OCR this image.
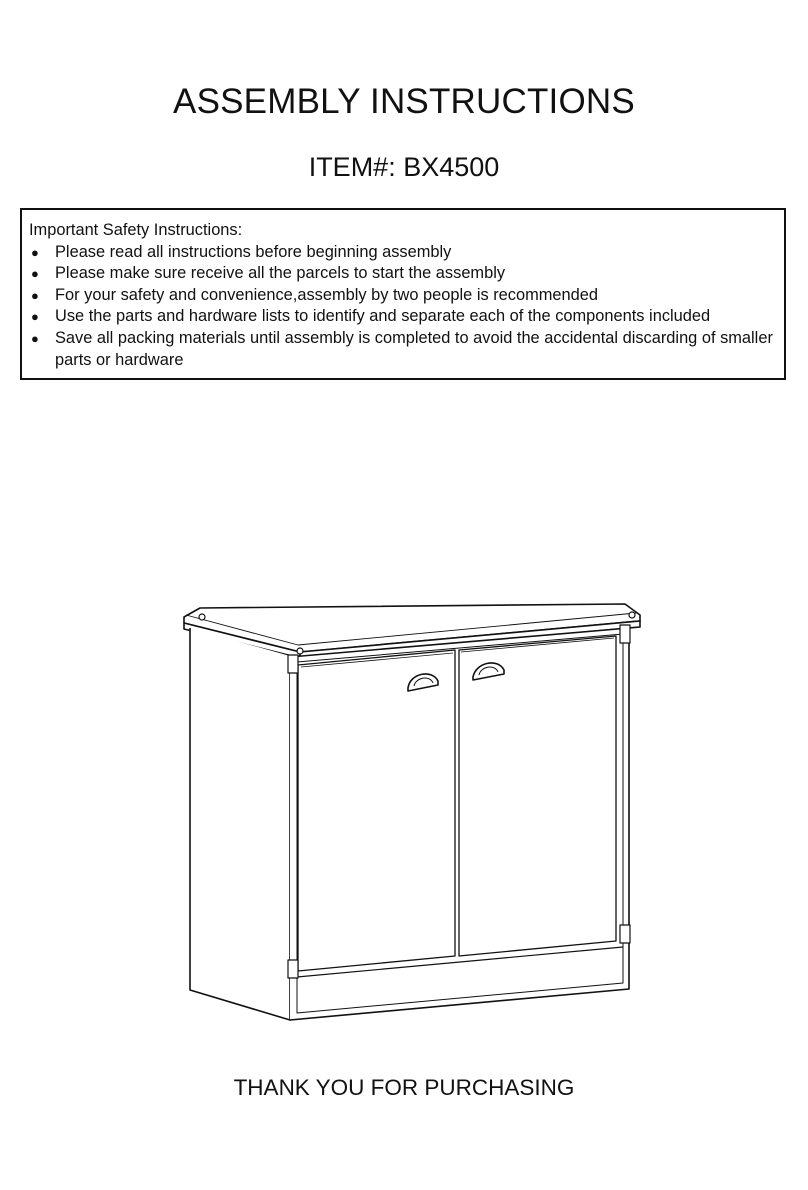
ASSEMBLY INSTRUCTIONS
ITEM#: BX4500
Important Safety Instructions:
● Please read all instructions before beginning assembly
● Please make sure receive all the parcels to start the assembly
● For your safety and convenience,assembly by two people is recommended
● Use the parts and hardware lists to identify and separate each of the components included
● Save all packing materials until assembly is completed to avoid the accidental discarding of smaller parts or hardware
THANK YOU FOR PURCHASING
